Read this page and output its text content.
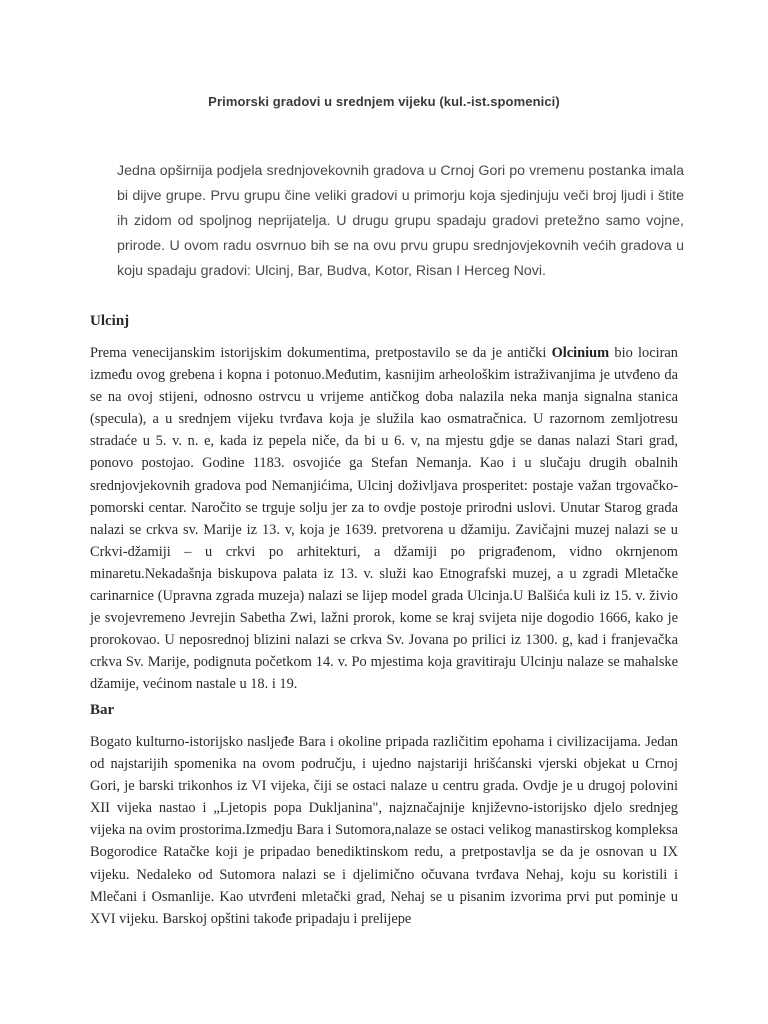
Primorski gradovi u srednjem vijeku (kul.-ist.spomenici)

Jedna opširnija podjela srednjovekovnih gradova u Crnoj Gori po vremenu postanka imala bi dijve grupe. Prvu grupu čine veliki gradovi u primorju koja sjedinjuju veči broj ljudi i štite ih zidom od spoljnog neprijatelja. U drugu grupu spadaju gradovi pretežno samo vojne, prirode. U ovom radu osvrnuo bih se na ovu prvu grupu srednjovjekovnih većih gradova u koju spadaju gradovi: Ulcinj, Bar, Budva, Kotor, Risan I Herceg Novi.

Ulcinj

Prema venecijanskim istorijskim dokumentima, pretpostavilo se da je antički Olcinium bio lociran između ovog grebena i kopna i potonuo.Međutim, kasnijim arheološkim istraživanjima je utvđeno da se na ovoj stijeni, odnosno ostrvcu u vrijeme antičkog doba nalazila neka manja signalna stanica (specula), a u srednjem vijeku tvrđava koja je služila kao osmatračnica. U razornom zemljotresu stradaće u 5. v. n. e, kada iz pepela niče, da bi u 6. v, na mjestu gdje se danas nalazi Stari grad, ponovo postojao. Godine 1183. osvojiće ga Stefan Nemanja. Kao i u slučaju drugih obalnih srednjovjekovnih gradova pod Nemanjićima, Ulcinj doživljava prosperitet: postaje važan trgovačko-pomorski centar. Naročito se trguje solju jer za to ovdje postoje prirodni uslovi. Unutar Starog grada nalazi se crkva sv. Marije iz 13. v, koja je 1639. pretvorena u džamiju. Zavičajni muzej nalazi se u Crkvi-džamiji – u crkvi po arhitekturi, a džamiji po prigrađenom, vidno okrnjenom minaretu.Nekadašnja biskupova palata iz 13. v. služi kao Etnografski muzej, a u zgradi Mletačke carinarnice (Upravna zgrada muzeja) nalazi se lijep model grada Ulcinja.U Balšića kuli iz 15. v. živio je svojevremeno Jevrejin Sabetha Zwi, lažni prorok, kome se kraj svijeta nije dogodio 1666, kako je prorokovao. U neposrednoj blizini nalazi se crkva Sv. Jovana po prilici iz 1300. g, kad i franjevačka crkva Sv. Marije, podignuta početkom 14. v. Po mjestima koja gravitiraju Ulcinju nalaze se mahalske džamije, većinom nastale u 18. i 19.

Bar

Bogato kulturno-istorijsko nasljeđe Bara i okoline pripada različitim epohama i civilizacijama. Jedan od najstarijih spomenika na ovom području, i ujedno najstariji hrišćanski vjerski objekat u Crnoj Gori, je barski trikonhos iz VI vijeka, čiji se ostaci nalaze u centru grada. Ovdje je u drugoj polovini XII vijeka nastao i „Ljetopis popa Dukljanina", najznačajnije književno-istorijsko djelo srednjeg vijeka na ovim prostorima.Izmedju Bara i Sutomora,nalaze se ostaci velikog manastirskog kompleksa Bogorodice Ratačke koji je pripadao benediktinskom redu, a pretpostavlja se da je osnovan u IX vijeku. Nedaleko od Sutomora nalazi se i djelimično očuvana tvrđava Nehaj, koju su koristili i Mlečani i Osmanlije. Kao utvrđeni mletački grad, Nehaj se u pisanim izvorima prvi put pominje u XVI vijeku. Barskoj opštini takođe pripadaju i prelijepe
